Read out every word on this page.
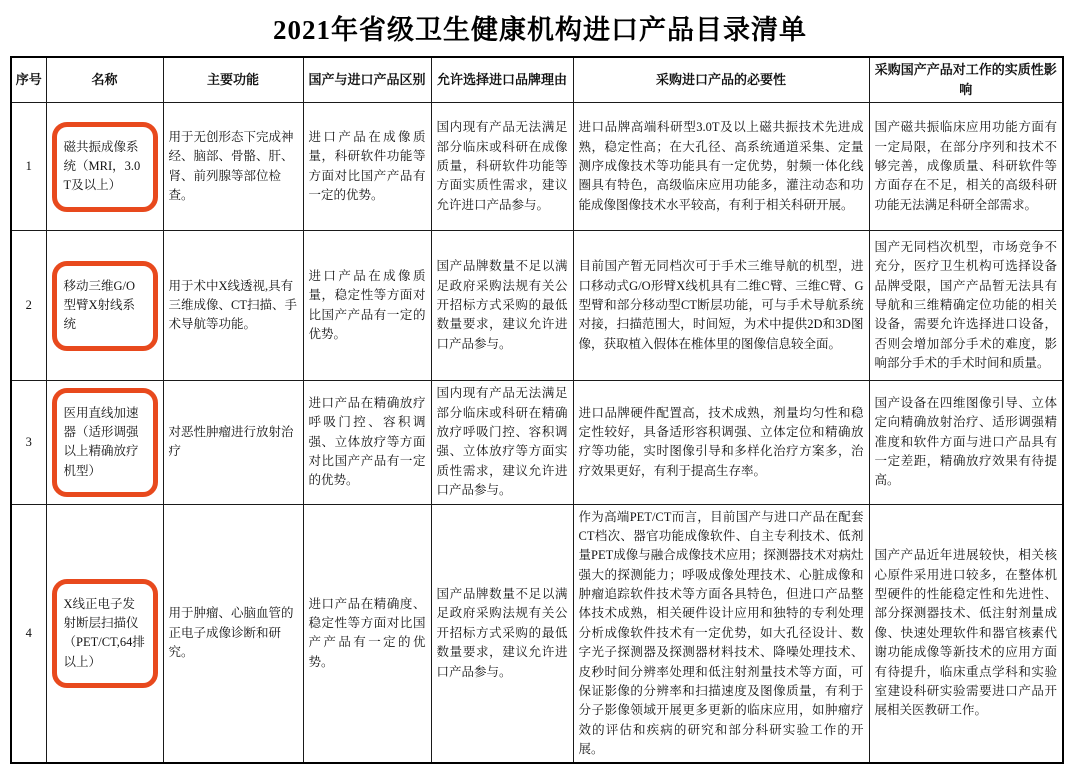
2021年省级卫生健康机构进口产品目录清单
序号	名称	主要功能	国产与进口产品区别	允许选择进口品牌理由	采购进口产品的必要性	采购国产产品对工作的实质性影响
1	磁共振成像系统（MRI，3.0T及以上）	用于无创形态下完成神经、脑部、骨骼、肝、肾、前列腺等部位检查。	进口产品在成像质量，科研软件功能等方面对比国产产品有一定的优势。	国内现有产品无法满足部分临床或科研在成像质量，科研软件功能等方面实质性需求，建议允许进口产品参与。	进口品牌高端科研型3.0T及以上磁共振技术先进成熟，稳定性高；在大孔径、高系统通道采集、定量测序成像技术等功能具有一定优势，射频一体化线圈具有特色，高级临床应用功能多，灌注动态和功能成像图像技术水平较高，有利于相关科研开展。	国产磁共振临床应用功能方面有一定局限，在部分序列和技术不够完善，成像质量、科研软件等方面存在不足，相关的高级科研功能无法满足科研全部需求。
2	移动三维G/O型臂X射线系统	用于术中X线透视,具有三维成像、CT扫描、手术导航等功能。	进口产品在成像质量，稳定性等方面对比国产产品有一定的优势。	国产品牌数量不足以满足政府采购法规有关公开招标方式采购的最低数量要求，建议允许进口产品参与。	目前国产暂无同档次可于手术三维导航的机型，进口移动式G/O形臂X线机具有二维C臂、三维C臂、G型臂和部分移动型CT断层功能，可与手术导航系统对接，扫描范围大，时间短，为术中提供2D和3D图像，获取植入假体在椎体里的图像信息较全面。	国产无同档次机型，市场竞争不充分，医疗卫生机构可选择设备品牌受限，国产产品暂无法具有导航和三维精确定位功能的相关设备，需要允许选择进口设备，否则会增加部分手术的难度，影响部分手术的手术时间和质量。
3	医用直线加速器（适形调强以上精确放疗机型）	对恶性肿瘤进行放射治疗	进口产品在精确放疗呼吸门控、容积调强、立体放疗等方面对比国产产品有一定的优势。	国内现有产品无法满足部分临床或科研在精确放疗呼吸门控、容积调强、立体放疗等方面实质性需求，建议允许进口产品参与。	进口品牌硬件配置高，技术成熟，剂量均匀性和稳定性较好，具备适形容积调强、立体定位和精确放疗等功能，实时图像引导和多样化治疗方案多，治疗效果更好，有利于提高生存率。	国产设备在四维图像引导、立体定向精确放射治疗、适形调强精准度和软件方面与进口产品具有一定差距，精确放疗效果有待提高。
4	X线正电子发射断层扫描仪（PET/CT,64排以上）	用于肿瘤、心脑血管的正电子成像诊断和研究。	进口产品在精确度、稳定性等方面对比国产产品有一定的优势。	国产品牌数量不足以满足政府采购法规有关公开招标方式采购的最低数量要求，建议允许进口产品参与。	作为高端PET/CT而言，目前国产与进口产品在配套CT档次、器官功能成像软件、自主专利技术、低剂量PET成像与融合成像技术应用；探测器技术对病灶强大的探测能力；呼吸成像处理技术、心脏成像和肿瘤追踪软件技术等方面各具特色，但进口产品整体技术成熟，相关硬件设计应用和独特的专利处理分析成像软件技术有一定优势，如大孔径设计、数字光子探测器及探测器材料技术、降噪处理技术、皮秒时间分辨率处理和低注射剂量技术等方面，可保证影像的分辨率和扫描速度及图像质量，有利于分子影像领域开展更多更新的临床应用，如肿瘤疗效的评估和疾病的研究和部分科研实验工作的开展。	国产产品近年进展较快，相关核心原件采用进口较多，在整体机型硬件的性能稳定性和先进性、部分探测器技术、低注射剂量成像、快速处理软件和器官核素代谢功能成像等新技术的应用方面有待提升，临床重点学科和实验室建设科研实验需要进口产品开展相关医教研工作。
